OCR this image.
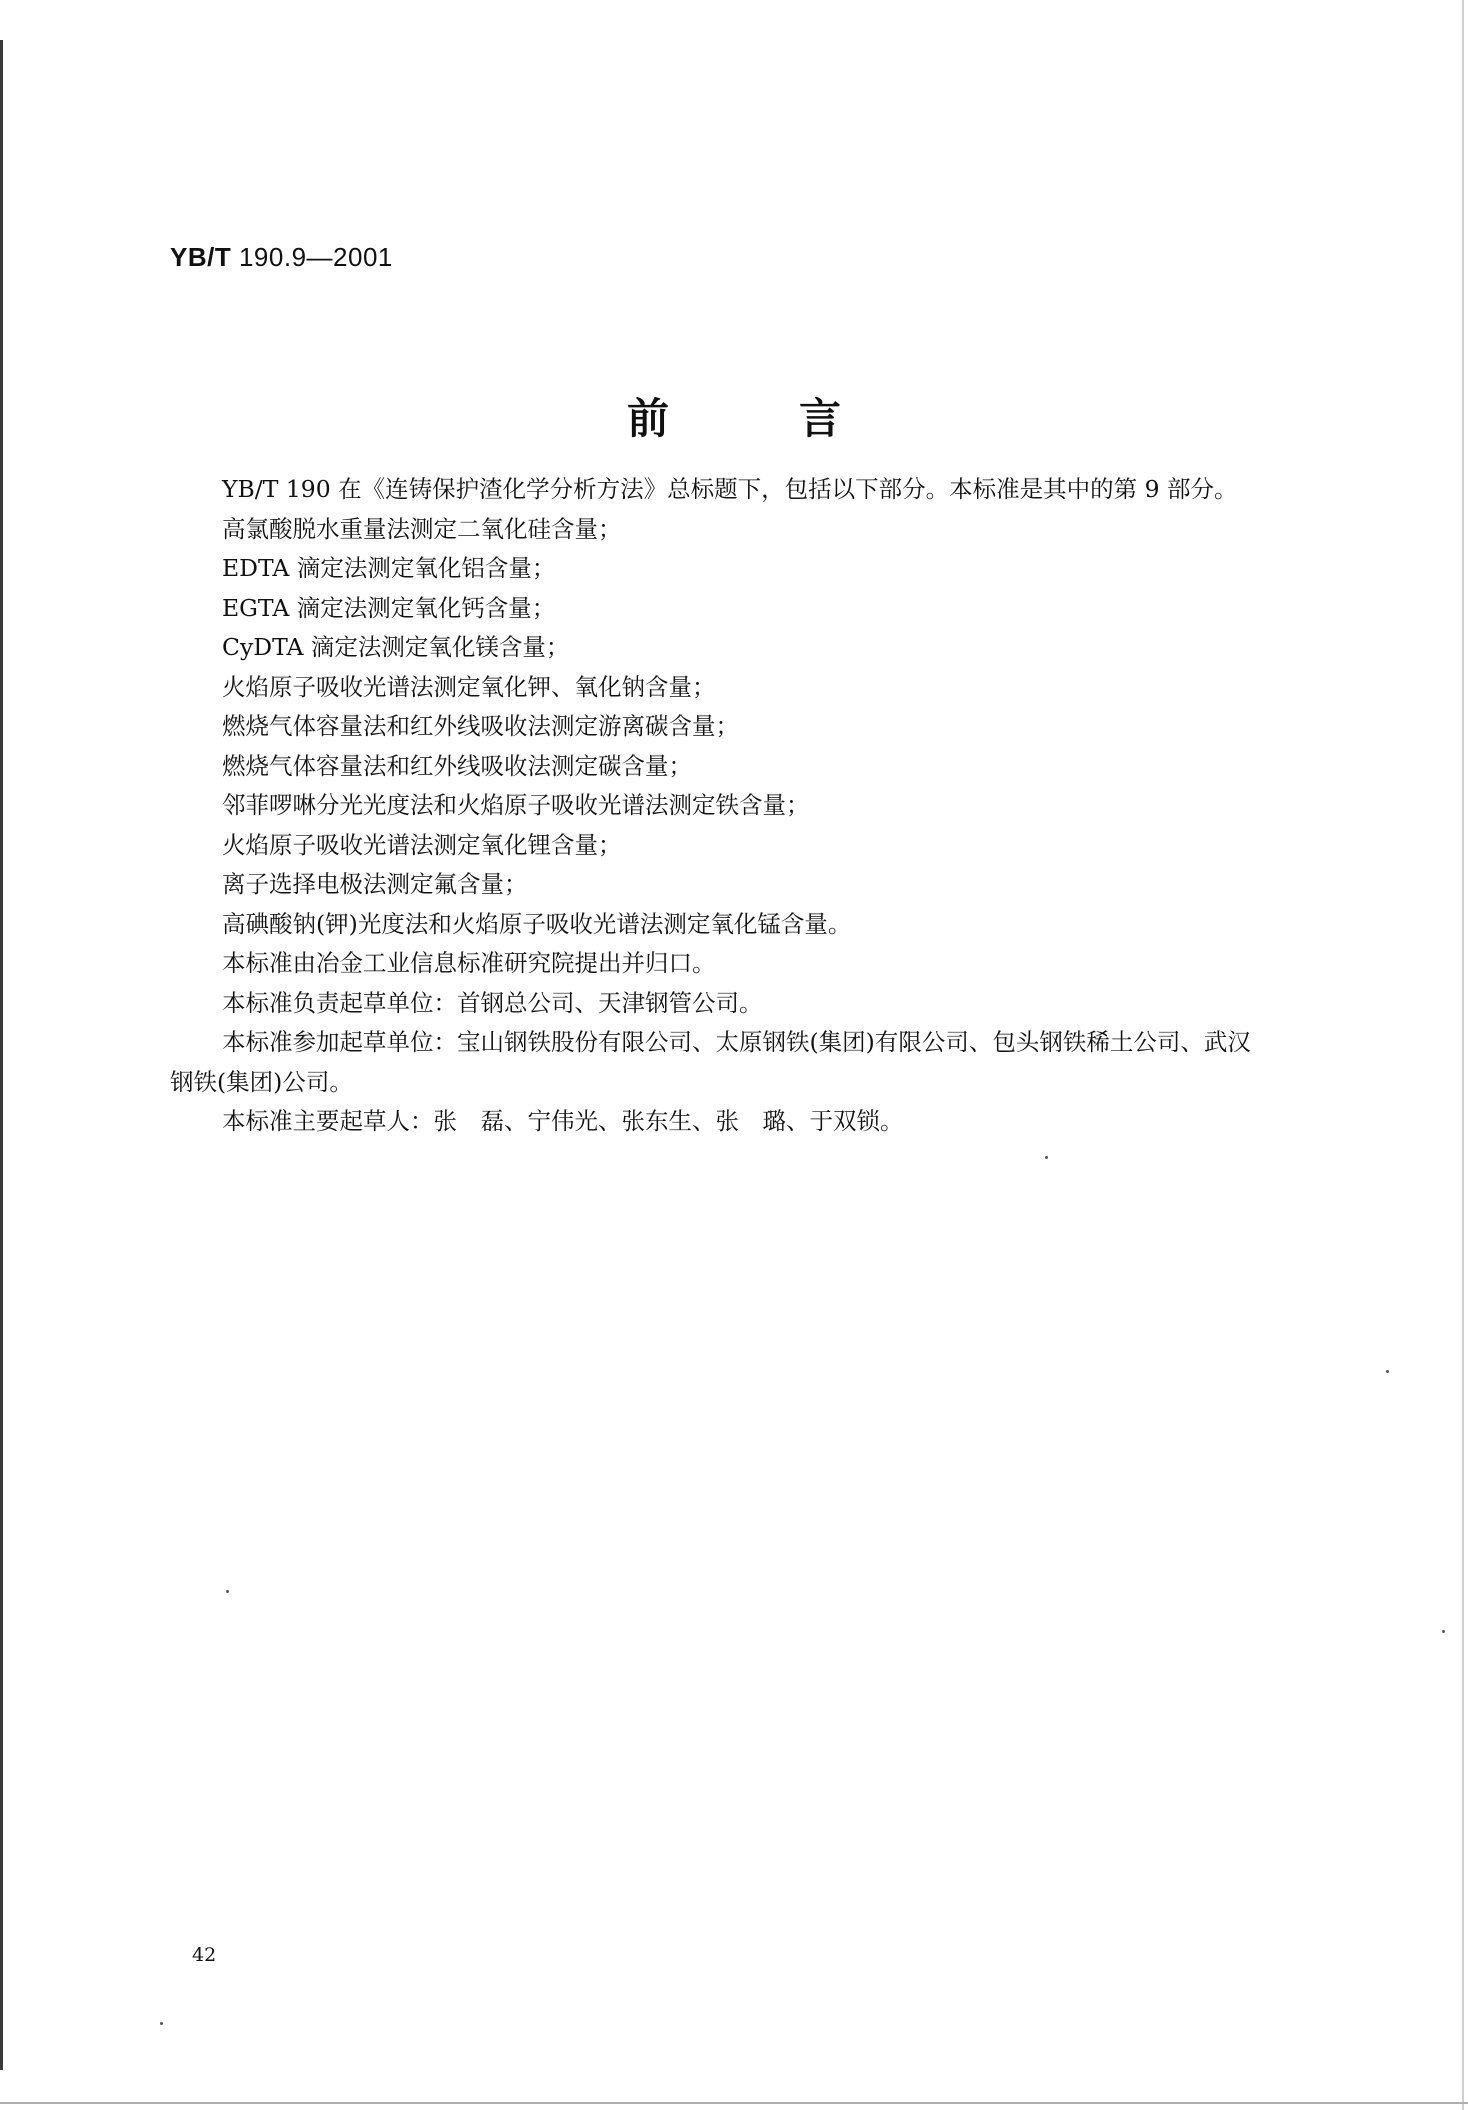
YB/T 190.9—2001
前言

YB/T 190 在《连铸保护渣化学分析方法》总标题下，包括以下部分。本标准是其中的第 9 部分。

高氯酸脱水重量法测定二氧化硅含量；

EDTA 滴定法测定氧化铝含量；

EGTA 滴定法测定氧化钙含量；

CyDTA 滴定法测定氧化镁含量；

火焰原子吸收光谱法测定氧化钾、氧化钠含量；

燃烧气体容量法和红外线吸收法测定游离碳含量；

燃烧气体容量法和红外线吸收法测定碳含量；

邻菲啰啉分光光度法和火焰原子吸收光谱法测定铁含量；

火焰原子吸收光谱法测定氧化锂含量；

离子选择电极法测定氟含量；

高碘酸钠(钾)光度法和火焰原子吸收光谱法测定氧化锰含量。

本标准由冶金工业信息标准研究院提出并归口。

本标准负责起草单位：首钢总公司、天津钢管公司。

本标准参加起草单位：宝山钢铁股份有限公司、太原钢铁(集团)有限公司、包头钢铁稀土公司、武汉

钢铁(集团)公司。

本标准主要起草人：张　磊、宁伟光、张东生、张　璐、于双锁。

42
